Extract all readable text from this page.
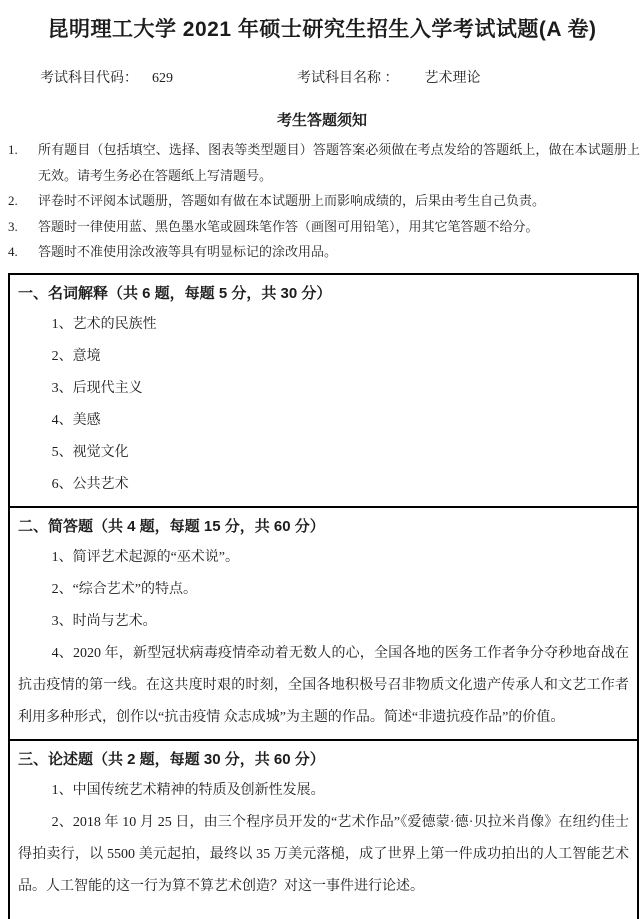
昆明理工大学 2021 年硕士研究生招生入学考试试题(A 卷)
考试科目代码： 629	考试科目名称 ： 艺术理论
考生答题须知
所有题目（包括填空、选择、图表等类型题目）答题答案必须做在考点发给的答题纸上，做在本试题册上无效。请考生务必在答题纸上写清题号。
评卷时不评阅本试题册，答题如有做在本试题册上而影响成绩的，后果由考生自己负责。
答题时一律使用蓝、黑色墨水笔或圆珠笔作答（画图可用铅笔），用其它笔答题不给分。
答题时不准使用涂改液等具有明显标记的涂改用品。
一、名词解释（共 6 题，每题 5 分，共 30 分）

1、艺术的民族性

2、意境

3、后现代主义

4、美感

5、视觉文化

6、公共艺术

二、简答题（共 4 题，每题 15 分，共 60 分）

1、简评艺术起源的“巫术说”。

2、“综合艺术”的特点。

3、时尚与艺术。

4、2020 年，新型冠状病毒疫情牵动着无数人的心，全国各地的医务工作者争分夺秒地奋战在抗击疫情的第一线。在这共度时艰的时刻，全国各地积极号召非物质文化遗产传承人和文艺工作者利用多种形式，创作以“抗击疫情 众志成城”为主题的作品。简述“非遗抗疫作品”的价值。

三、论述题（共 2 题，每题 30 分，共 60 分）

1、中国传统艺术精神的特质及创新性发展。

2、2018 年 10 月 25 日，由三个程序员开发的“艺术作品”《爱德蒙·德·贝拉米肖像》在纽约佳士得拍卖行，以 5500 美元起拍，最终以 35 万美元落槌，成了世界上第一件成功拍出的人工智能艺术品。人工智能的这一行为算不算艺术创造？对这一事件进行论述。
